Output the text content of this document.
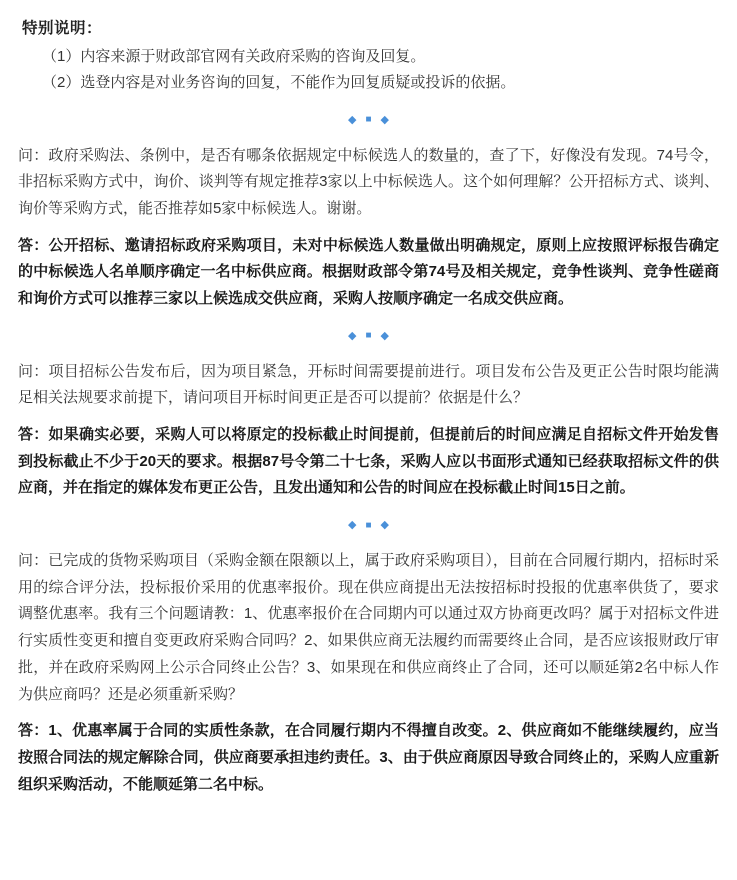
特别说明：
（1）内容来源于财政部官网有关政府采购的咨询及回复。
（2）选登内容是对业务咨询的回复，不能作为回复质疑或投诉的依据。
◆ ■ ◆

问：政府采购法、条例中，是否有哪条依据规定中标候选人的数量的，查了下，好像没有发现。74号令，非招标采购方式中，询价、谈判等有规定推荐3家以上中标候选人。这个如何理解？公开招标方式、谈判、询价等采购方式，能否推荐如5家中标候选人。谢谢。

答：公开招标、邀请招标政府采购项目，未对中标候选人数量做出明确规定，原则上应按照评标报告确定的中标候选人名单顺序确定一名中标供应商。根据财政部令第74号及相关规定，竞争性谈判、竞争性磋商和询价方式可以推荐三家以上候选成交供应商，采购人按顺序确定一名成交供应商。

◆ ■ ◆

问：项目招标公告发布后，因为项目紧急，开标时间需要提前进行。项目发布公告及更正公告时限均能满足相关法规要求前提下，请问项目开标时间更正是否可以提前？依据是什么？

答：如果确实必要，采购人可以将原定的投标截止时间提前，但提前后的时间应满足自招标文件开始发售到投标截止不少于20天的要求。根据87号令第二十七条，采购人应以书面形式通知已经获取招标文件的供应商，并在指定的媒体发布更正公告，且发出通知和公告的时间应在投标截止时间15日之前。

◆ ■ ◆

问：已完成的货物采购项目（采购金额在限额以上，属于政府采购项目），目前在合同履行期内，招标时采用的综合评分法，投标报价采用的优惠率报价。现在供应商提出无法按招标时投报的优惠率供货了，要求调整优惠率。我有三个问题请教：1、优惠率报价在合同期内可以通过双方协商更改吗？属于对招标文件进行实质性变更和擅自变更政府采购合同吗？2、如果供应商无法履约而需要终止合同，是否应该报财政厅审批，并在政府采购网上公示合同终止公告？3、如果现在和供应商终止了合同，还可以顺延第2名中标人作为供应商吗？还是必须重新采购？

答：1、优惠率属于合同的实质性条款，在合同履行期内不得擅自改变。2、供应商如不能继续履约，应当按照合同法的规定解除合同，供应商要承担违约责任。3、由于供应商原因导致合同终止的，采购人应重新组织采购活动，不能顺延第二名中标。
